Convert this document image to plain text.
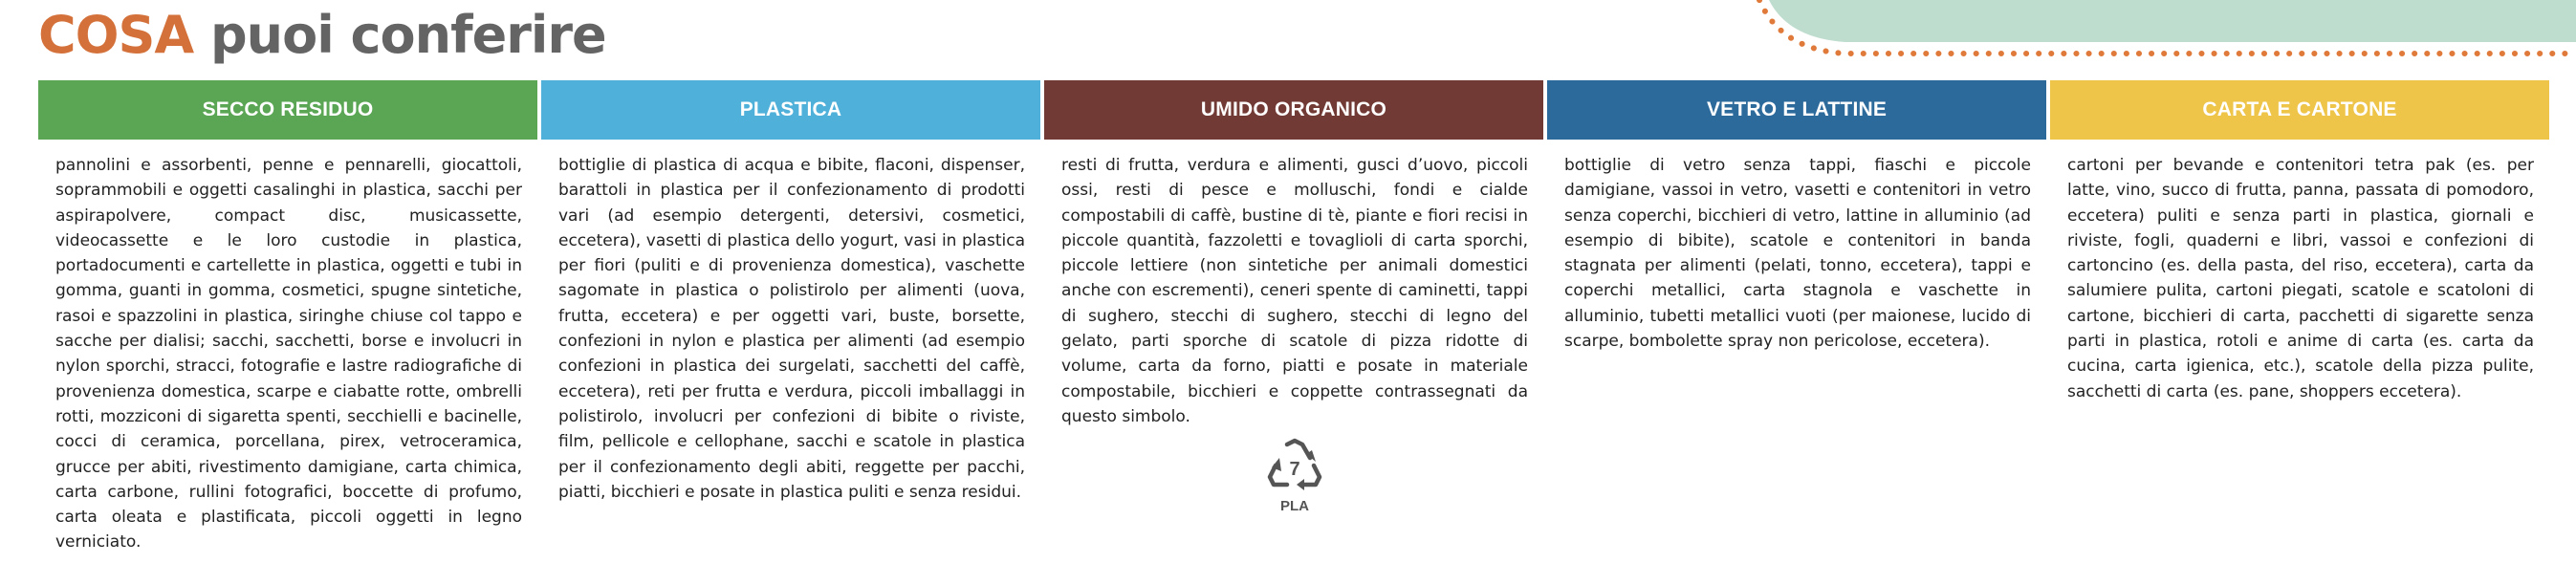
COSA puoi conferire
SECCO RESIDUO
pannolini e assorbenti, penne e pennarelli, giocattoli, soprammobili e oggetti casalinghi in plastica, sacchi per aspirapolvere, compact disc, musicassette, videocassette e le loro custodie in plastica, portadocumenti e cartellette in plastica, oggetti e tubi in gomma, guanti in gomma, cosmetici, spugne sintetiche, rasoi e spazzolini in plastica, siringhe chiuse col tappo e sacche per dialisi; sacchi, sacchetti, borse e involucri in nylon sporchi, stracci, fotografie e lastre radiografiche di provenienza domestica, scarpe e ciabatte rotte, ombrelli rotti, mozziconi di sigaretta spenti, secchielli e bacinelle, cocci di ceramica, porcellana, pirex, vetroceramica, grucce per abiti, rivestimento damigiane, carta chimica, carta carbone, rullini fotografici, boccette di profumo, carta oleata e plastificata, piccoli oggetti in legno verniciato.
PLASTICA
bottiglie di plastica di acqua e bibite, flaconi, dispenser, barattoli in plastica per il confezionamento di prodotti vari (ad esempio detergenti, detersivi, cosmetici, eccetera), vasetti di plastica dello yogurt, vasi in plastica per fiori (puliti e di provenienza domestica), vaschette sagomate in plastica o polistirolo per alimenti (uova, frutta, eccetera) e per oggetti vari, buste, borsette, confezioni in nylon e plastica per alimenti (ad esempio confezioni in plastica dei surgelati, sacchetti del caffè, eccetera), reti per frutta e verdura, piccoli imballaggi in polistirolo, involucri per confezioni di bibite o riviste, film, pellicole e cellophane, sacchi e scatole in plastica per il confezionamento degli abiti, reggette per pacchi, piatti, bicchieri e posate in plastica puliti e senza residui.
UMIDO ORGANICO
resti di frutta, verdura e alimenti, gusci d’uovo, piccoli ossi, resti di pesce e molluschi, fondi e cialde compostabili di caffè, bustine di tè, piante e fiori recisi in piccole quantità, fazzoletti e tovaglioli di carta sporchi, piccole lettiere (non sintetiche per animali domestici anche con escrementi), ceneri spente di caminetti, tappi di sughero, stecchi di sughero, stecchi di legno del gelato, parti sporche di scatole di pizza ridotte di volume, carta da forno, piatti e posate in materiale compostabile, bicchieri e coppette contrassegnati da questo simbolo.
7
PLA
VETRO E LATTINE
bottiglie di vetro senza tappi, fiaschi e piccole damigiane, vassoi in vetro, vasetti e contenitori in vetro senza coperchi, bicchieri di vetro, lattine in alluminio (ad esempio di bibite), scatole e contenitori in banda stagnata per alimenti (pelati, tonno, eccetera), tappi e coperchi metallici, carta stagnola e vaschette in alluminio, tubetti metallici vuoti (per maionese, lucido di scarpe, bombolette spray non pericolose, eccetera).
CARTA E CARTONE
cartoni per bevande e contenitori tetra pak (es. per latte, vino, succo di frutta, panna, passata di pomodoro, eccetera) puliti e senza parti in plastica, giornali e riviste, fogli, quaderni e libri, vassoi e confezioni di cartoncino (es. della pasta, del riso, eccetera), carta da salumiere pulita, cartoni piegati, scatole e scatoloni di cartone, bicchieri di carta, pacchetti di sigarette senza parti in plastica, rotoli e anime di carta (es. carta da cucina, carta igienica, etc.), scatole della pizza pulite, sacchetti di carta (es. pane, shoppers eccetera).
